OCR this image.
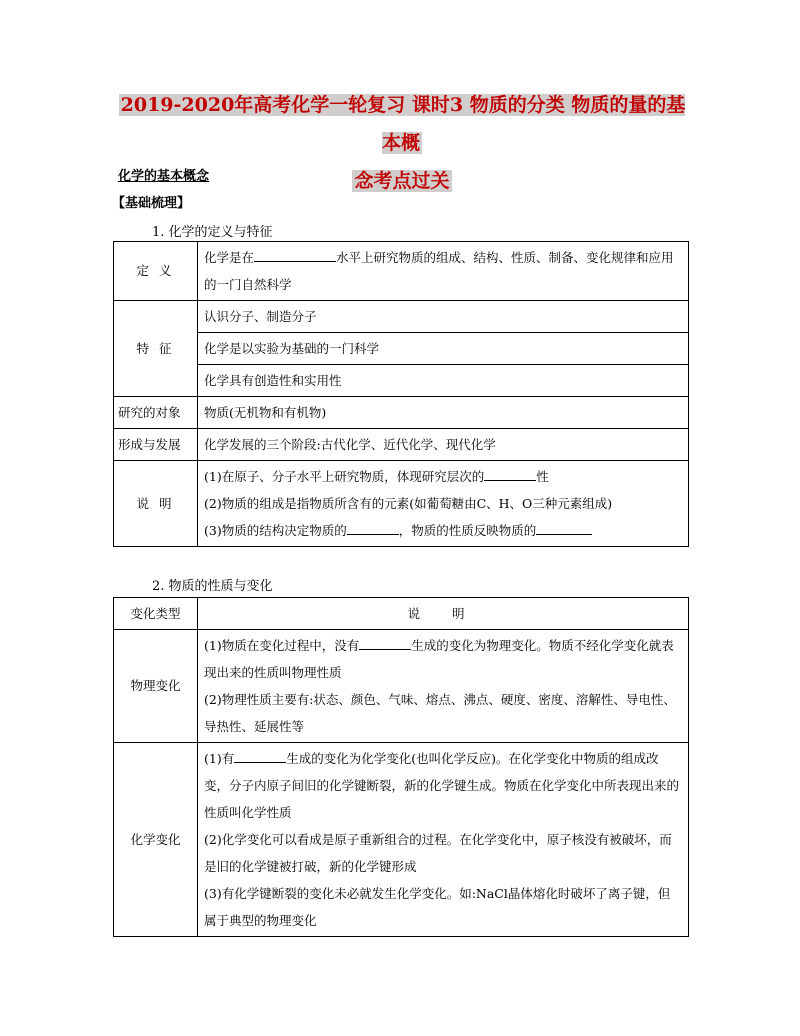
2019-2020年高考化学一轮复习 课时3 物质的分类 物质的量的基本概
念考点过关
化学的基本概念
【基础梳理】
1. 化学的定义与特征
定 义	化学是在 水平上研究物质的组成、结构、性质、制备、变化规律和应用的一门自然科学
特 征	认识分子、制造分子
	化学是以实验为基础的一门科学
	化学具有创造性和实用性
研究的对象	物质(无机物和有机物)
形成与发展	化学发展的三个阶段:古代化学、近代化学、现代化学
说 明	(1)在原子、分子水平上研究物质，体现研究层次的 性
(2)物质的组成是指物质所含有的元素(如葡萄糖由C、H、O三种元素组成)
(3)物质的结构决定物质的 ，物质的性质反映物质的
2. 物质的性质与变化
变化类型	说 明
物理变化	(1)物质在变化过程中，没有 生成的变化为物理变化。物质不经化学变化就表现出来的性质叫物理性质
(2)物理性质主要有:状态、颜色、气味、熔点、沸点、硬度、密度、溶解性、导电性、导热性、延展性等

化学变化	(1)有 生成的变化为化学变化(也叫化学反应)。在化学变化中物质的组成改变，分子内原子间旧的化学键断裂，新的化学键生成。物质在化学变化中所表现出来的性质叫化学性质
(2)化学变化可以看成是原子重新组合的过程。在化学变化中，原子核没有被破坏，而是旧的化学键被打破，新的化学键形成
(3)有化学键断裂的变化未必就发生化学变化。如:NaCl晶体熔化时破坏了离子键，但属于典型的物理变化
